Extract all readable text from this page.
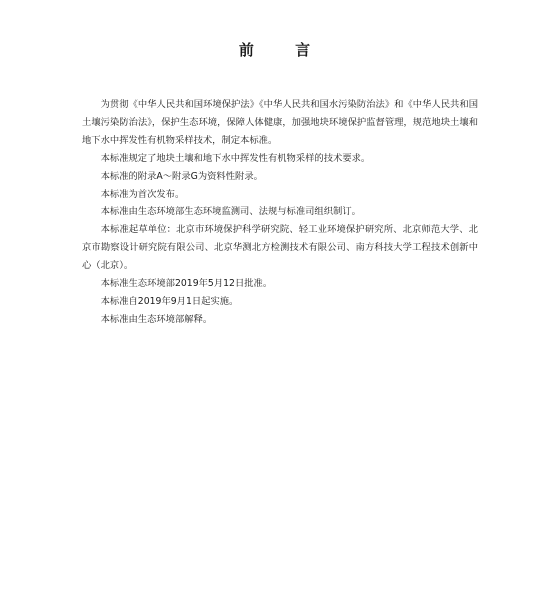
前 言

为贯彻《中华人民共和国环境保护法》《中华人民共和国水污染防治法》和《中华人民共和国土壤污染防治法》，保护生态环境，保障人体健康，加强地块环境保护监督管理，规范地块土壤和地下水中挥发性有机物采样技术，制定本标准。

本标准规定了地块土壤和地下水中挥发性有机物采样的技术要求。

本标准的附录A～附录G为资料性附录。

本标准为首次发布。

本标准由生态环境部生态环境监测司、法规与标准司组织制订。

本标准起草单位：北京市环境保护科学研究院、轻工业环境保护研究所、北京师范大学、北京市勘察设计研究院有限公司、北京华测北方检测技术有限公司、南方科技大学工程技术创新中心（北京）。

本标准生态环境部2019年5月12日批准。

本标准自2019年9月1日起实施。

本标准由生态环境部解释。
